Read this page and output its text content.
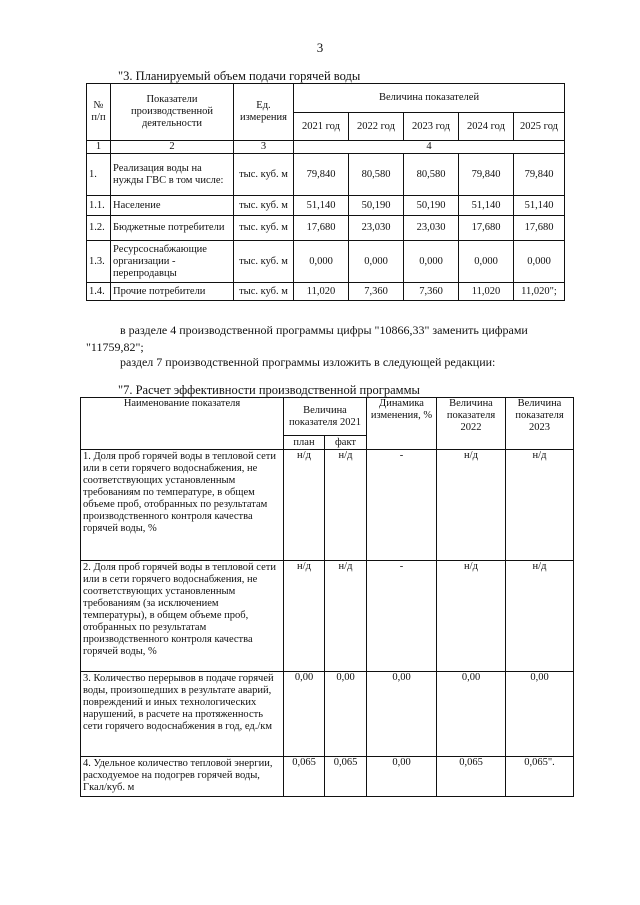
3
"3. Планируемый объем подачи горячей воды
№ п/п	Показатели производственной деятельности	Ед. измерения	Величина показателей				
			2021 год	2022 год	2023 год	2024 год	2025 год
1	2	3	4				
1.	Реализация воды на нужды ГВС в том числе:	тыс. куб. м	79,840	80,580	80,580	79,840	79,840
1.1.	Население	тыс. куб. м	51,140	50,190	50,190	51,140	51,140
1.2.	Бюджетные потребители	тыс. куб. м	17,680	23,030	23,030	17,680	17,680
1.3.	Ресурсоснабжающие организации - перепродавцы	тыс. куб. м	0,000	0,000	0,000	0,000	0,000
1.4.	Прочие потребители	тыс. куб. м	11,020	7,360	7,360	11,020	11,020";
в разделе 4 производственной программы цифры "10866,33" заменить цифрами
"11759,82";
раздел 7 производственной программы изложить в следующей редакции:
"7. Расчет эффективности производственной программы
Наименование показателя	Величина показателя 2021		Динамика изменения, %	Величина показателя 2022	Величина показателя 2023
	план	факт			
1. Доля проб горячей воды в тепловой сети или в сети горячего водоснабжения, не соответствующих установленным требованиям по температуре, в общем объеме проб, отобранных по результатам производственного контроля качества горячей воды, %	н/д	н/д	-	н/д	н/д
2. Доля проб горячей воды в тепловой сети или в сети горячего водоснабжения, не соответствующих установленным требованиям (за исключением температуры), в общем объеме проб, отобранных по результатам производственного контроля качества горячей воды, %	н/д	н/д	-	н/д	н/д
3. Количество перерывов в подаче горячей воды, произошедших в результате аварий, повреждений и иных технологических нарушений, в расчете на протяженность сети горячего водоснабжения в год, ед./км	0,00	0,00	0,00	0,00	0,00
4. Удельное количество тепловой энергии, расходуемое на подогрев горячей воды, Гкал/куб. м	0,065	0,065	0,00	0,065	0,065".
